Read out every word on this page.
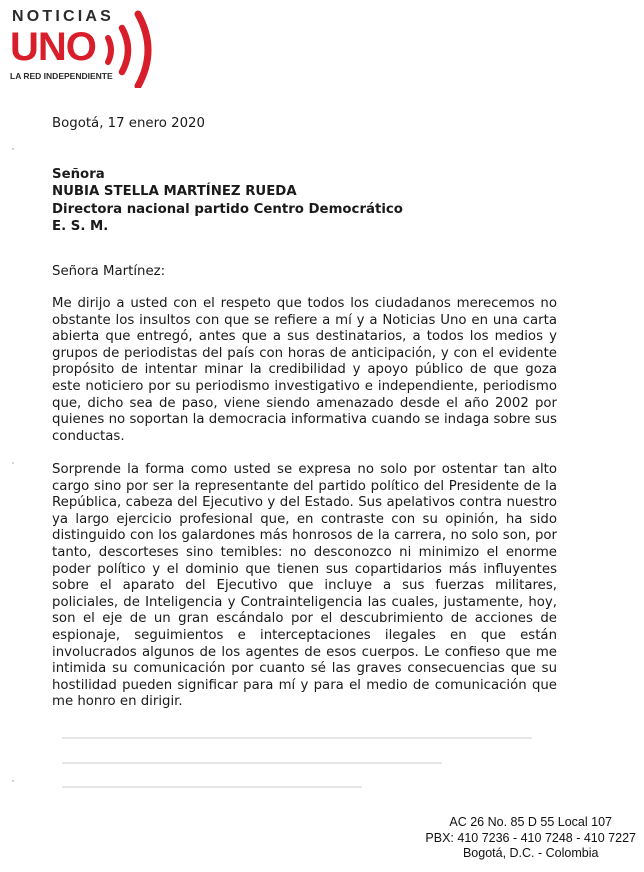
NOTICIAS
UNO
LA RED INDEPENDIENTE
Bogotá, 17 enero 2020
Señora
NUBIA STELLA MARTÍNEZ RUEDA
Directora nacional partido Centro Democrático
E. S. M.
Señora Martínez:
Me dirijo a usted con el respeto que todos los ciudadanos merecemos no obstante los insultos con que se refiere a mí y a Noticias Uno en una carta abierta que entregó, antes que a sus destinatarios, a todos los medios y grupos de periodistas del país con horas de anticipación, y con el evidente propósito de intentar minar la credibilidad y apoyo público de que goza este noticiero por su periodismo investigativo e independiente, periodismo que, dicho sea de paso, viene siendo amenazado desde el año 2002 por quienes no soportan la democracia informativa cuando se indaga sobre sus conductas.
Sorprende la forma como usted se expresa no solo por ostentar tan alto cargo sino por ser la representante del partido político del Presidente de la República, cabeza del Ejecutivo y del Estado. Sus apelativos contra nuestro ya largo ejercicio profesional que, en contraste con su opinión, ha sido distinguido con los galardones más honrosos de la carrera, no solo son, por tanto, descorteses sino temibles: no desconozco ni minimizo el enorme poder político y el dominio que tienen sus copartidarios más influyentes sobre el aparato del Ejecutivo que incluye a sus fuerzas militares, policiales, de Inteligencia y Contrainteligencia las cuales, justamente, hoy, son el eje de un gran escándalo por el descubrimiento de acciones de espionaje, seguimientos e interceptaciones ilegales en que están involucrados algunos de los agentes de esos cuerpos. Le confieso que me intimida su comunicación por cuanto sé las graves consecuencias que su hostilidad pueden significar para mí y para el medio de comunicación que me honro en dirigir.
AC 26 No. 85 D 55 Local 107
PBX: 410 7236 - 410 7248 - 410 7227
Bogotá, D.C. - Colombia
